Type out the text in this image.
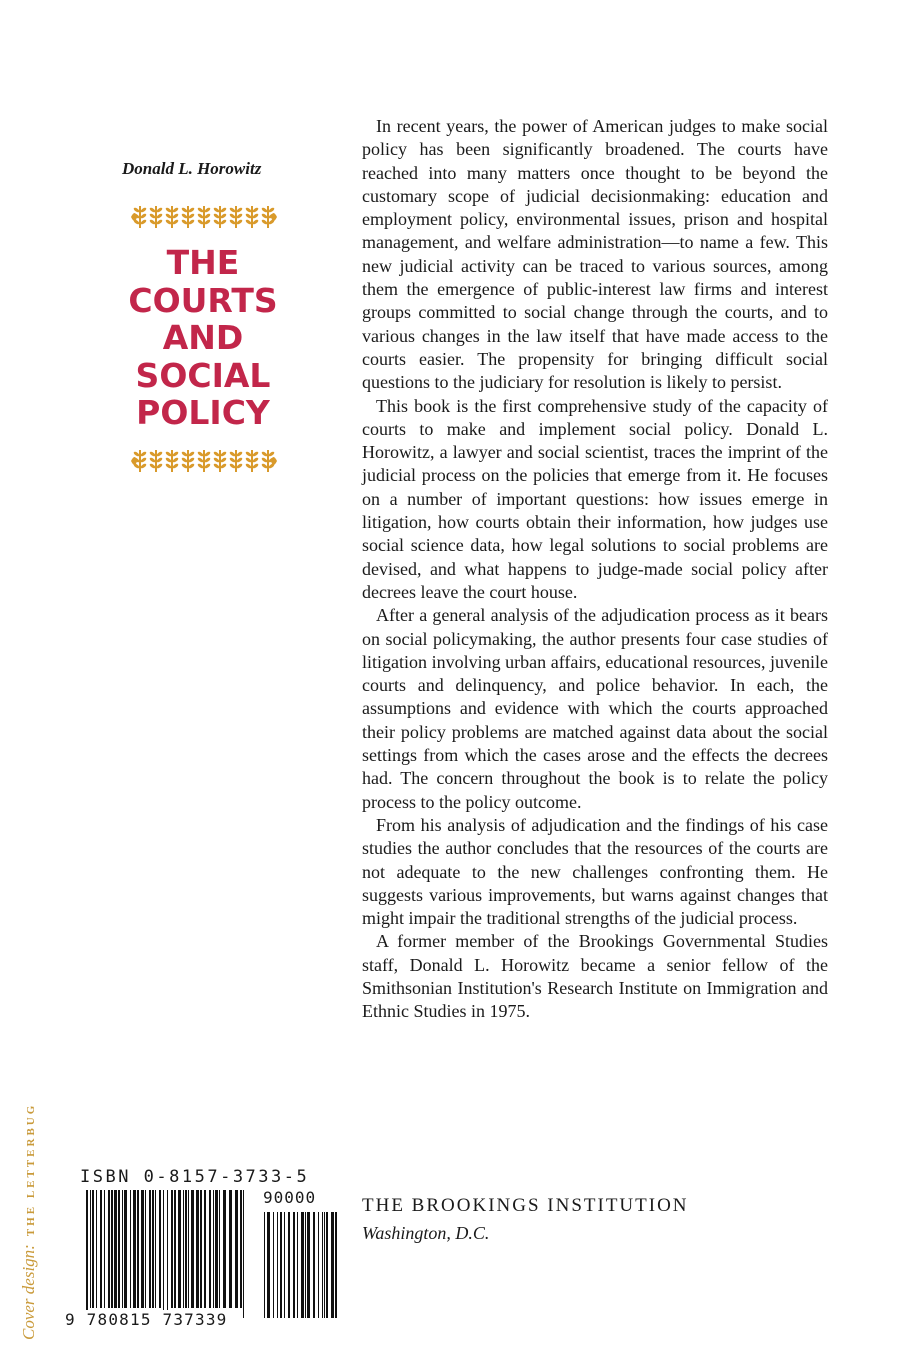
Donald L. Horowitz
THE
COURTS
AND
SOCIAL
POLICY

In recent years, the power of American judges to make social policy has been significantly broadened. The courts have reached into many matters once thought to be beyond the customary scope of judicial decisionmaking: education and employment policy, environmental issues, prison and hospital management, and welfare administration—to name a few. This new judicial activity can be traced to various sources, among them the emergence of public-interest law firms and interest groups committed to social change through the courts, and to various changes in the law itself that have made access to the courts easier. The propensity for bringing difficult social questions to the judiciary for resolution is likely to persist.

This book is the first comprehensive study of the capacity of courts to make and implement social policy. Donald L. Horowitz, a lawyer and social scientist, traces the imprint of the judicial process on the policies that emerge from it. He focuses on a number of important questions: how issues emerge in litigation, how courts obtain their information, how judges use social science data, how legal solutions to social problems are devised, and what happens to judge-made social policy after decrees leave the court house.

After a general analysis of the adjudication process as it bears on social policymaking, the author presents four case studies of litigation involving urban affairs, educational resources, juvenile courts and delinquency, and police behavior. In each, the assumptions and evidence with which the courts approached their policy problems are matched against data about the social settings from which the cases arose and the effects the decrees had. The concern throughout the book is to relate the policy process to the policy outcome.

From his analysis of adjudication and the findings of his case studies the author concludes that the resources of the courts are not adequate to the new challenges confronting them. He suggests various improvements, but warns against changes that might impair the traditional strengths of the judicial process.

A former member of the Brookings Governmental Studies staff, Donald L. Horowitz became a senior fellow of the Smithsonian Institution's Research Institute on Immigration and Ethnic Studies in 1975.

THE BROOKINGS INSTITUTION
Washington, D.C.
Cover design:THE LETTERBUG	ISBN 0-8157-3733-5
90000
9 780815 737339
